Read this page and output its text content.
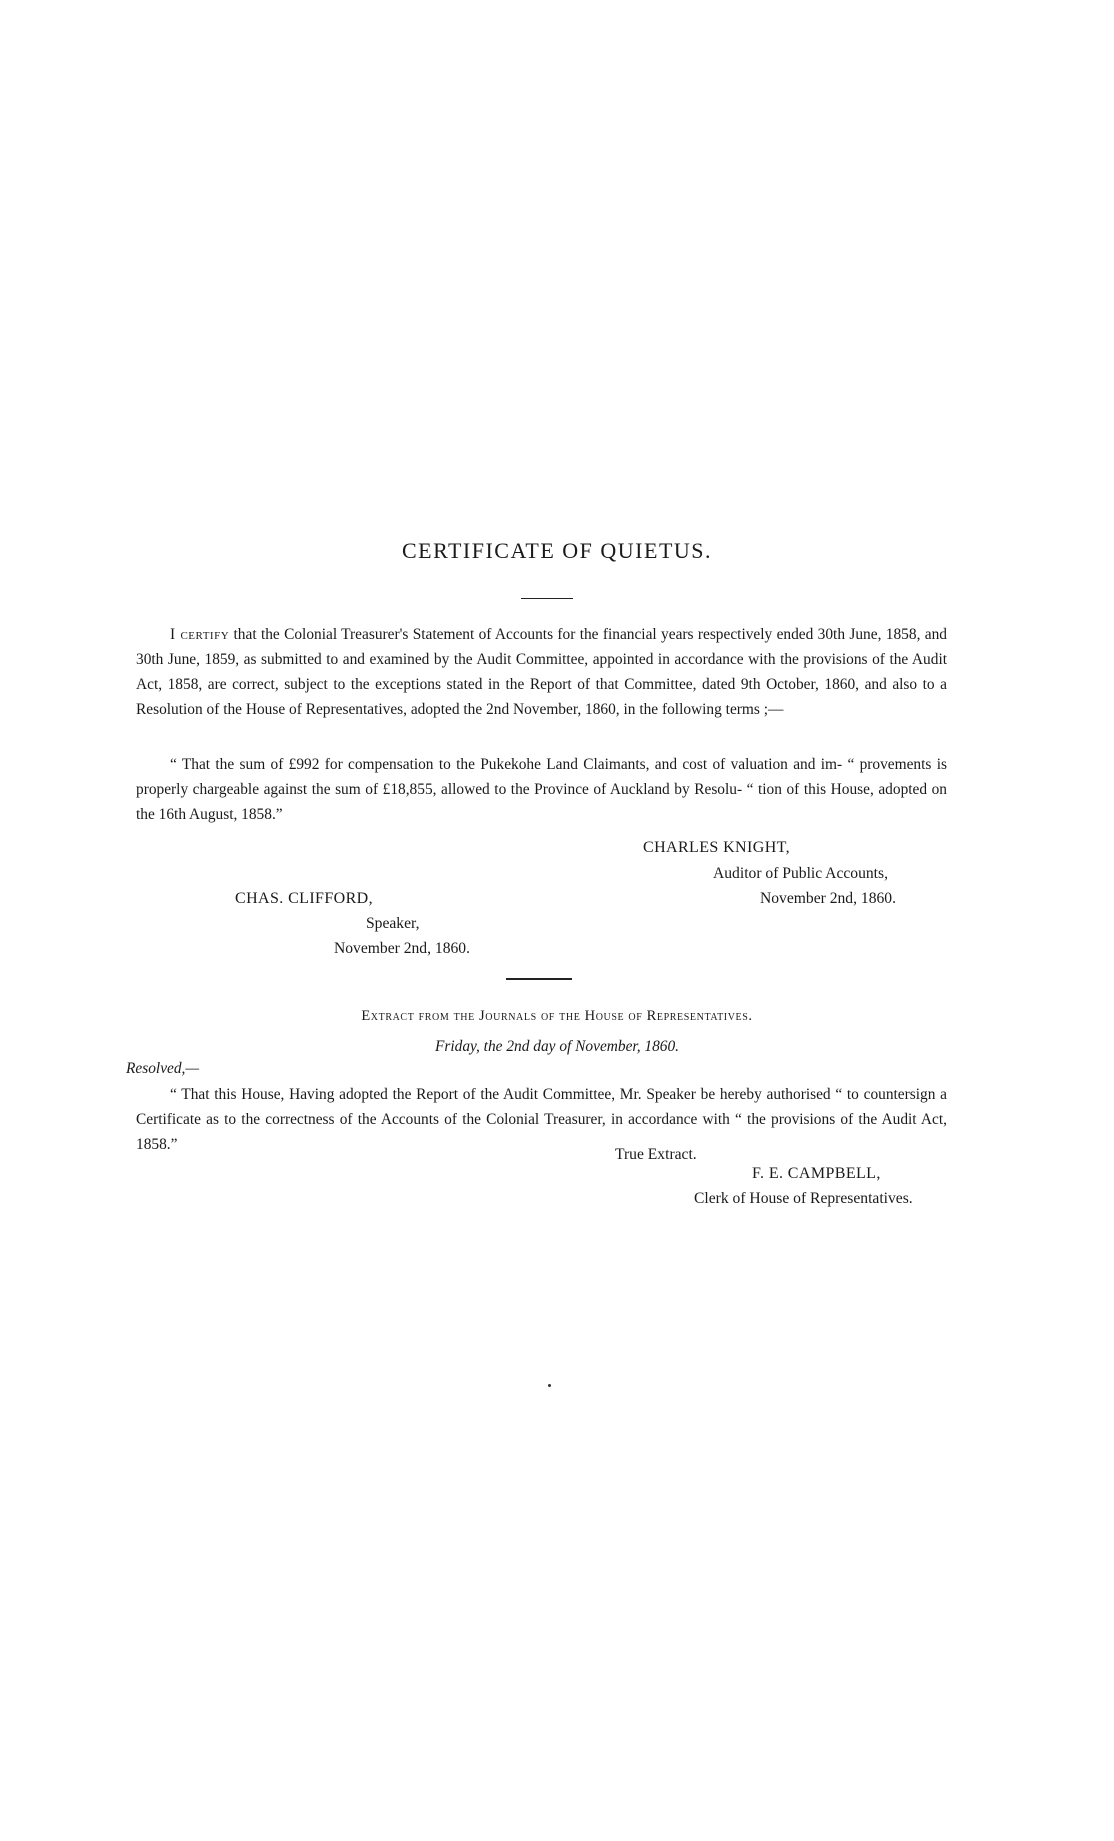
CERTIFICATE OF QUIETUS.
I certify that the Colonial Treasurer's Statement of Accounts for the financial years respectively ended 30th June, 1858, and 30th June, 1859, as submitted to and examined by the Audit Committee, appointed in accordance with the provisions of the Audit Act, 1858, are correct, subject to the exceptions stated in the Report of that Committee, dated 9th October, 1860, and also to a Resolution of the House of Representatives, adopted the 2nd November, 1860, in the following terms ;—
“ That the sum of £992 for compensation to the Pukekohe Land Claimants, and cost of valuation and im- “ provements is properly chargeable against the sum of £18,855, allowed to the Province of Auckland by Resolu- “ tion of this House, adopted on the 16th August, 1858.”
CHARLES KNIGHT,
Auditor of Public Accounts,
November 2nd, 1860.
CHAS. CLIFFORD,
Speaker,
November 2nd, 1860.
Extract from the Journals of the House of Representatives.
Friday, the 2nd day of November, 1860.
Resolved,—
“ That this House, Having adopted the Report of the Audit Committee, Mr. Speaker be hereby authorised “ to countersign a Certificate as to the correctness of the Accounts of the Colonial Treasurer, in accordance with “ the provisions of the Audit Act, 1858.”
True Extract.
F. E. CAMPBELL,
Clerk of House of Representatives.
